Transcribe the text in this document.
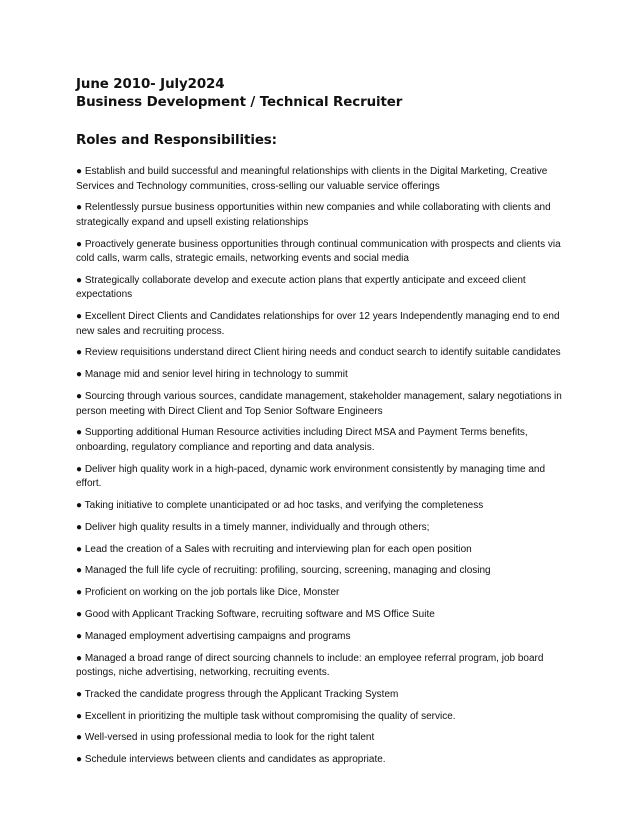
June 2010- July2024

Business Development / Technical Recruiter

Roles and Responsibilities:

● Establish and build successful and meaningful relationships with clients in the Digital Marketing, Creative Services and Technology communities, cross-selling our valuable service offerings
● Relentlessly pursue business opportunities within new companies and while collaborating with clients and strategically expand and upsell existing relationships
● Proactively generate business opportunities through continual communication with prospects and clients via cold calls, warm calls, strategic emails, networking events and social media
● Strategically collaborate develop and execute action plans that expertly anticipate and exceed client expectations
● Excellent Direct Clients and Candidates relationships for over 12 years Independently managing end to end new sales and recruiting process.
● Review requisitions understand direct Client hiring needs and conduct search to identify suitable candidates
● Manage mid and senior level hiring in technology to summit
● Sourcing through various sources, candidate management, stakeholder management, salary negotiations in person meeting with Direct Client and Top Senior Software Engineers
● Supporting additional Human Resource activities including Direct MSA and Payment Terms benefits, onboarding, regulatory compliance and reporting and data analysis.
● Deliver high quality work in a high-paced, dynamic work environment consistently by managing time and effort.
● Taking initiative to complete unanticipated or ad hoc tasks, and verifying the completeness
● Deliver high quality results in a timely manner, individually and through others;
● Lead the creation of a Sales with recruiting and interviewing plan for each open position
● Managed the full life cycle of recruiting: profiling, sourcing, screening, managing and closing
● Proficient on working on the job portals like Dice, Monster
● Good with Applicant Tracking Software, recruiting software and MS Office Suite
● Managed employment advertising campaigns and programs
● Managed a broad range of direct sourcing channels to include: an employee referral program, job board postings, niche advertising, networking, recruiting events.
● Tracked the candidate progress through the Applicant Tracking System
● Excellent in prioritizing the multiple task without compromising the quality of service.
● Well-versed in using professional media to look for the right talent
● Schedule interviews between clients and candidates as appropriate.
